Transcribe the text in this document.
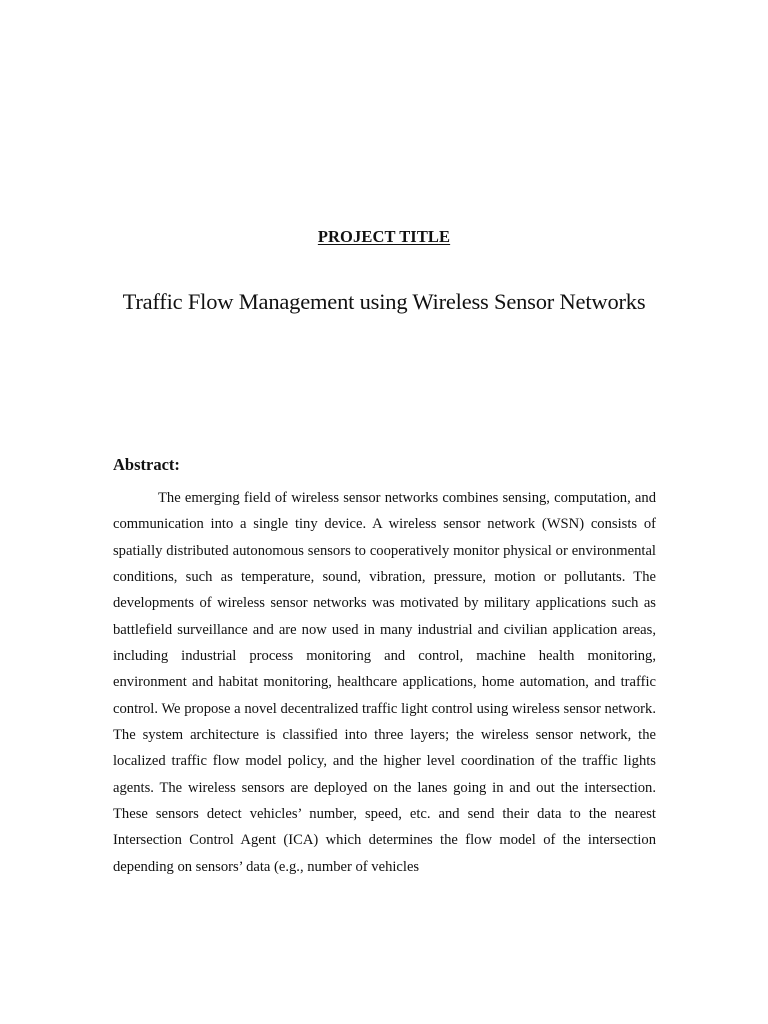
PROJECT TITLE
Traffic Flow Management using Wireless Sensor Networks
Abstract:

The emerging field of wireless sensor networks combines sensing, computation, and communication into a single tiny device. A wireless sensor network (WSN) consists of spatially distributed autonomous sensors to cooperatively monitor physical or environmental conditions, such as temperature, sound, vibration, pressure, motion or pollutants. The developments of wireless sensor networks was motivated by military applications such as battlefield surveillance and are now used in many industrial and civilian application areas, including industrial process monitoring and control, machine health monitoring, environment and habitat monitoring, healthcare applications, home automation, and traffic control. We propose a novel decentralized traffic light control using wireless sensor network. The system architecture is classified into three layers; the wireless sensor network, the localized traffic flow model policy, and the higher level coordination of the traffic lights agents. The wireless sensors are deployed on the lanes going in and out the intersection. These sensors detect vehicles’ number, speed, etc. and send their data to the nearest Intersection Control Agent (ICA) which determines the flow model of the intersection depending on sensors’ data (e.g., number of vehicles
